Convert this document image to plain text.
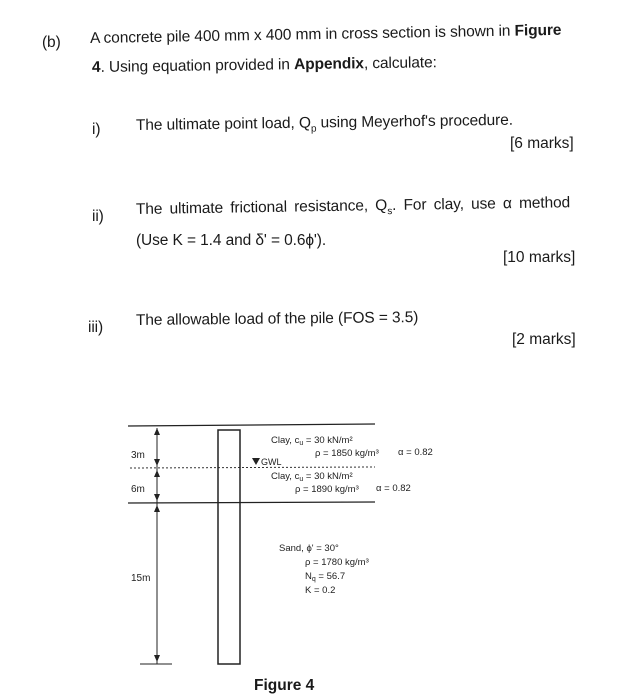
(b) A concrete pile 400 mm x 400 mm in cross section is shown in Figure
4. Using equation provided in Appendix, calculate:
i) The ultimate point load, $Q_p$ using Meyerhof's procedure.
[6 marks]
ii) The ultimate frictional resistance, $Q_s$. For clay, use α method
(Use K = 1.4 and δ' = 0.6ϕ').
[10 marks]
iii) The allowable load of the pile (FOS = 3.5)
[2 marks]
3m
6m
15m
GWL
Clay, $c_u = 30$ kN/m²
ρ = 1850 kg/m³ α = 0.82
Clay, $c_u = 30$ kN/m²
ρ = 1890 kg/m³ α = 0.82
Sand, ϕ' = 30°
ρ = 1780 kg/m³
$N_q = 56.7$
K = 0.2
Figure 4
